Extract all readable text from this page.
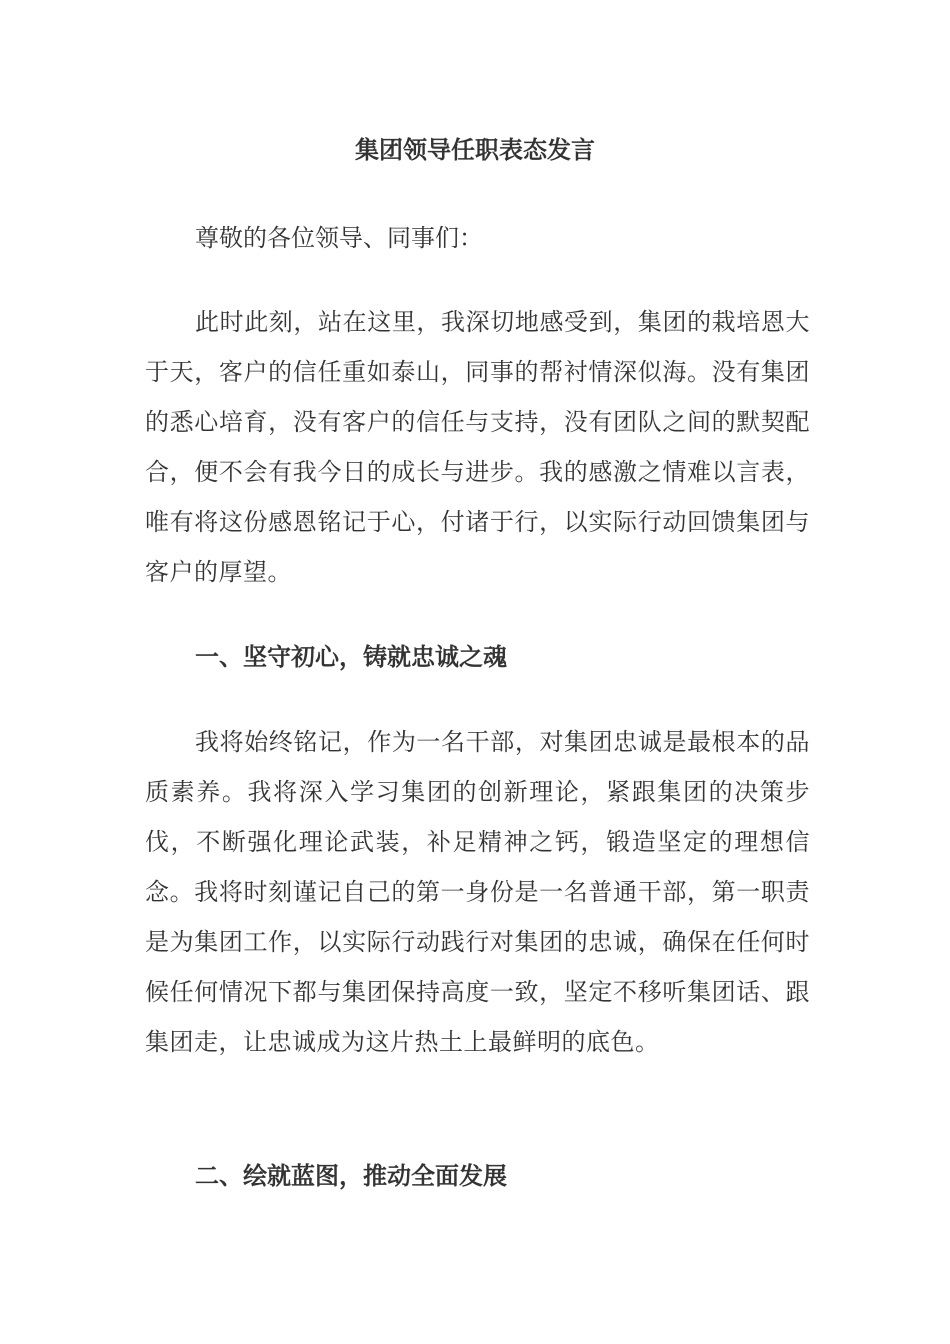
集团领导任职表态发言

尊敬的各位领导、同事们：

此时此刻，站在这里，我深切地感受到，集团的栽培恩大于天，客户的信任重如泰山，同事的帮衬情深似海。没有集团的悉心培育，没有客户的信任与支持，没有团队之间的默契配合，便不会有我今日的成长与进步。我的感激之情难以言表，唯有将这份感恩铭记于心，付诸于行，以实际行动回馈集团与客户的厚望。

一、坚守初心，铸就忠诚之魂

我将始终铭记，作为一名干部，对集团忠诚是最根本的品质素养。我将深入学习集团的创新理论，紧跟集团的决策步伐，不断强化理论武装，补足精神之钙，锻造坚定的理想信念。我将时刻谨记自己的第一身份是一名普通干部，第一职责是为集团工作，以实际行动践行对集团的忠诚，确保在任何时候任何情况下都与集团保持高度一致，坚定不移听集团话、跟集团走，让忠诚成为这片热土上最鲜明的底色。

二、绘就蓝图，推动全面发展
